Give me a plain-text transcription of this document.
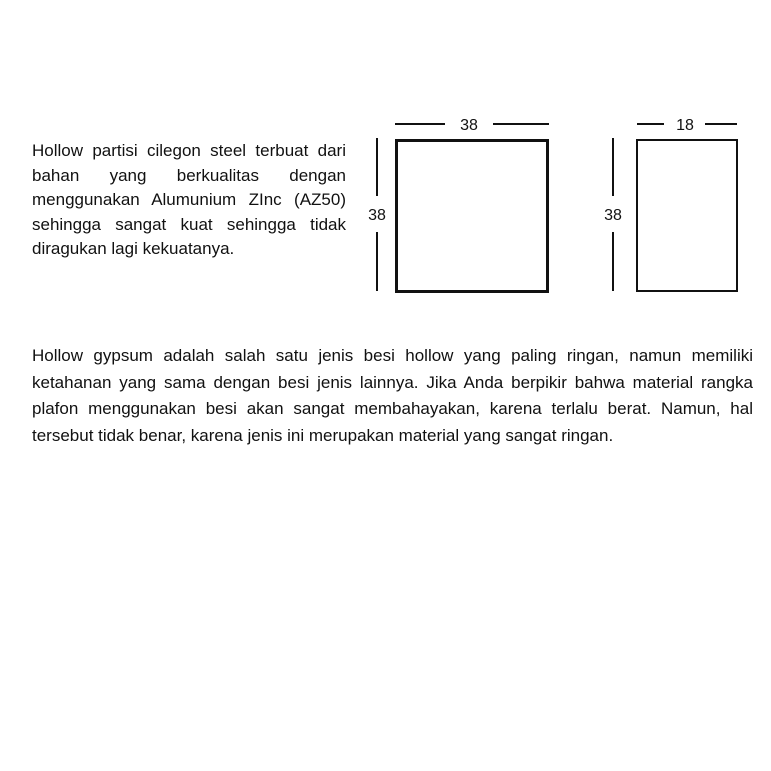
Hollow partisi cilegon steel terbuat dari bahan yang berkualitas dengan menggunakan Alumunium ZInc (AZ50) sehingga sangat kuat sehingga tidak diragukan lagi kekuatanya.

38
38
18
38

Hollow gypsum adalah salah satu jenis besi hollow yang paling ringan, namun memiliki ketahanan yang sama dengan besi jenis lainnya. Jika Anda berpikir bahwa material rangka plafon menggunakan besi akan sangat membahayakan, karena terlalu berat. Namun, hal tersebut tidak benar, karena jenis ini merupakan material yang sangat ringan.
